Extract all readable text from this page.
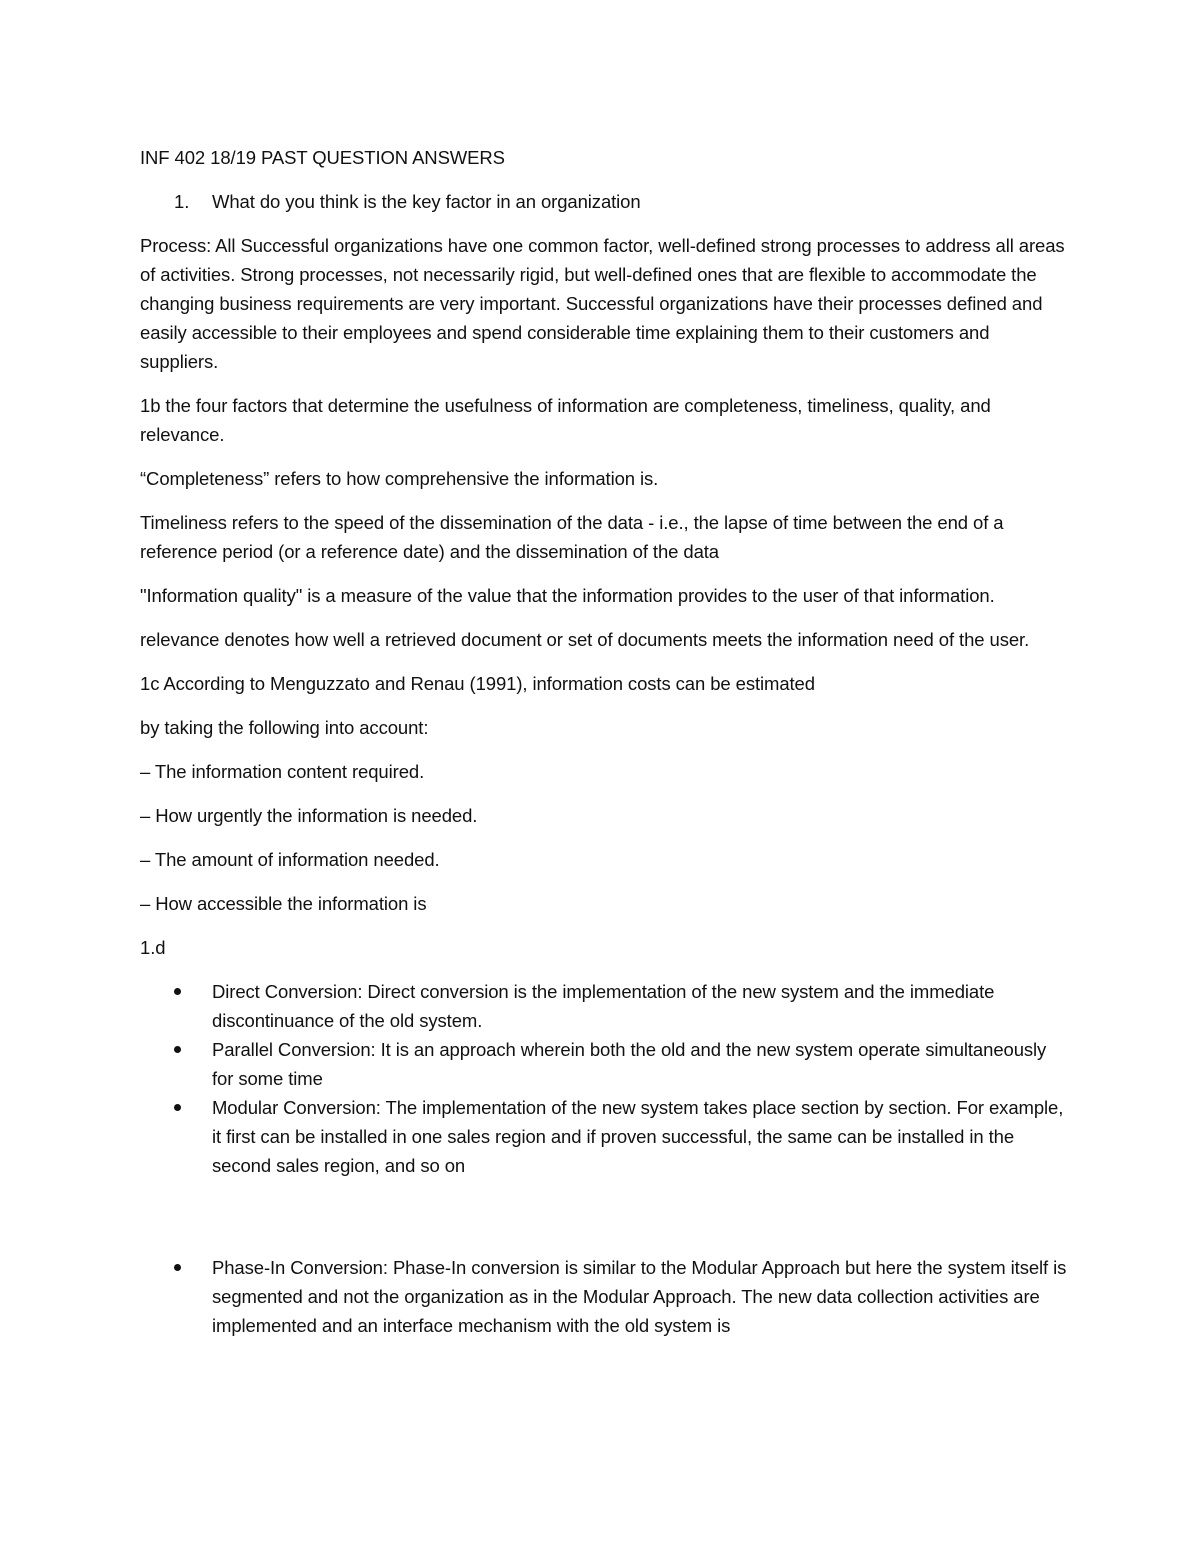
INF 402 18/19 PAST QUESTION ANSWERS
1.	What do you think is the key factor in an organization
Process: All Successful organizations have one common factor, well-defined strong processes to address all areas of activities. Strong processes, not necessarily rigid, but well-defined ones that are flexible to accommodate the changing business requirements are very important. Successful organizations have their processes defined and easily accessible to their employees and spend considerable time explaining them to their customers and suppliers.
1b the four factors that determine the usefulness of information are completeness, timeliness, quality, and relevance.
“Completeness” refers to how comprehensive the information is.
Timeliness refers to the speed of the dissemination of the data - i.e., the lapse of time between the end of a reference period (or a reference date) and the dissemination of the data
"Information quality" is a measure of the value that the information provides to the user of that information.
relevance denotes how well a retrieved document or set of documents meets the information need of the user.
1c According to Menguzzato and Renau (1991), information costs can be estimated
by taking the following into account:
– The information content required.
– How urgently the information is needed.
– The amount of information needed.
– How accessible the information is
1.d
Direct Conversion: Direct conversion is the implementation of the new system and the immediate discontinuance of the old system.
Parallel Conversion: It is an approach wherein both the old and the new system operate simultaneously for some time
Modular Conversion: The implementation of the new system takes place section by section. For example, it first can be installed in one sales region and if proven successful, the same can be installed in the second sales region, and so on
Phase-In Conversion: Phase-In conversion is similar to the Modular Approach but here the system itself is segmented and not the organization as in the Modular Approach. The new data collection activities are implemented and an interface mechanism with the old system is
